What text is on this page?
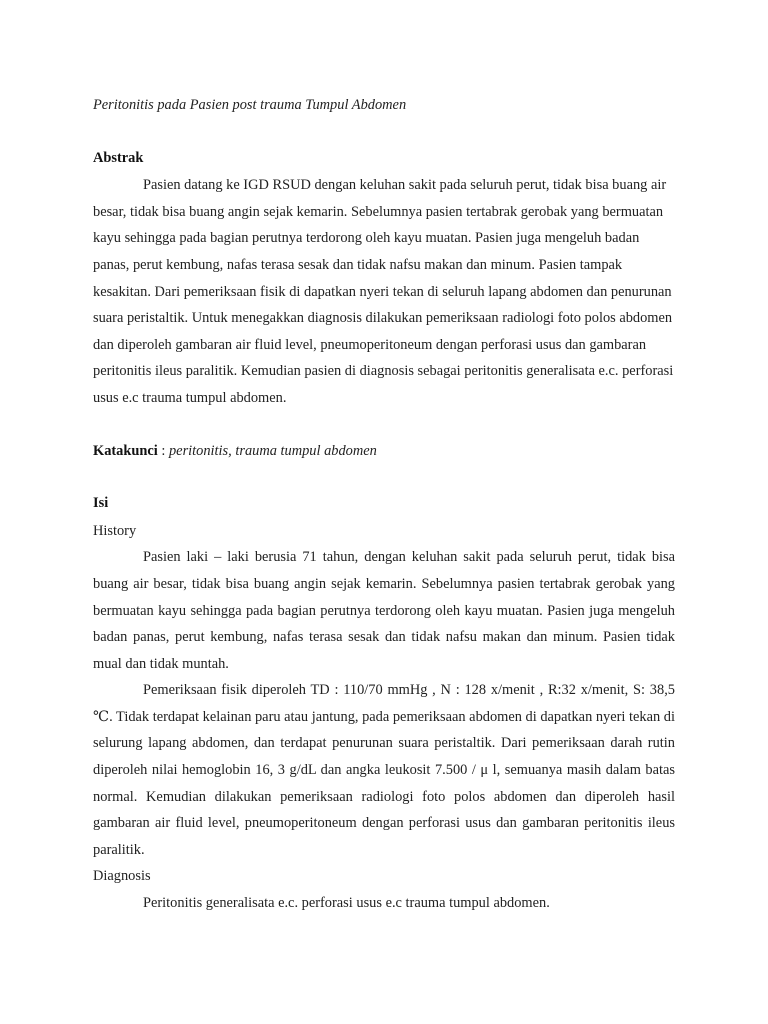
Peritonitis pada Pasien post trauma Tumpul Abdomen

Abstrak

Pasien datang ke IGD RSUD dengan keluhan sakit pada seluruh perut, tidak bisa buang air besar, tidak bisa buang angin sejak kemarin. Sebelumnya pasien tertabrak gerobak yang bermuatan kayu sehingga pada bagian perutnya terdorong oleh kayu muatan. Pasien juga mengeluh badan panas, perut kembung, nafas terasa sesak dan tidak nafsu makan dan minum. Pasien tampak kesakitan. Dari pemeriksaan fisik di dapatkan nyeri tekan di seluruh lapang abdomen dan penurunan suara peristaltik. Untuk menegakkan diagnosis dilakukan pemeriksaan radiologi foto polos abdomen dan diperoleh gambaran air fluid level, pneumoperitoneum dengan perforasi usus dan gambaran peritonitis ileus paralitik. Kemudian pasien di diagnosis sebagai peritonitis generalisata e.c. perforasi usus e.c trauma tumpul abdomen.

Katakunci : peritonitis, trauma tumpul abdomen

Isi

History

Pasien laki – laki berusia 71 tahun, dengan keluhan sakit pada seluruh perut, tidak bisa buang air besar, tidak bisa buang angin sejak kemarin. Sebelumnya pasien tertabrak gerobak yang bermuatan kayu sehingga pada bagian perutnya terdorong oleh kayu muatan. Pasien juga mengeluh badan panas, perut kembung, nafas terasa sesak dan tidak nafsu makan dan minum. Pasien tidak mual dan tidak muntah.

Pemeriksaan fisik diperoleh TD : 110/70 mmHg , N : 128 x/menit , R:32 x/menit, S: 38,5 ℃. Tidak terdapat kelainan paru atau jantung, pada pemeriksaan abdomen di dapatkan nyeri tekan di selurung lapang abdomen, dan terdapat penurunan suara peristaltik. Dari pemeriksaan darah rutin diperoleh nilai hemoglobin 16, 3 g/dL dan angka leukosit 7.500 / μ l, semuanya masih dalam batas normal. Kemudian dilakukan pemeriksaan radiologi foto polos abdomen dan diperoleh hasil gambaran air fluid level, pneumoperitoneum dengan perforasi usus dan gambaran peritonitis ileus paralitik.

Diagnosis

Peritonitis generalisata e.c. perforasi usus e.c trauma tumpul abdomen.
